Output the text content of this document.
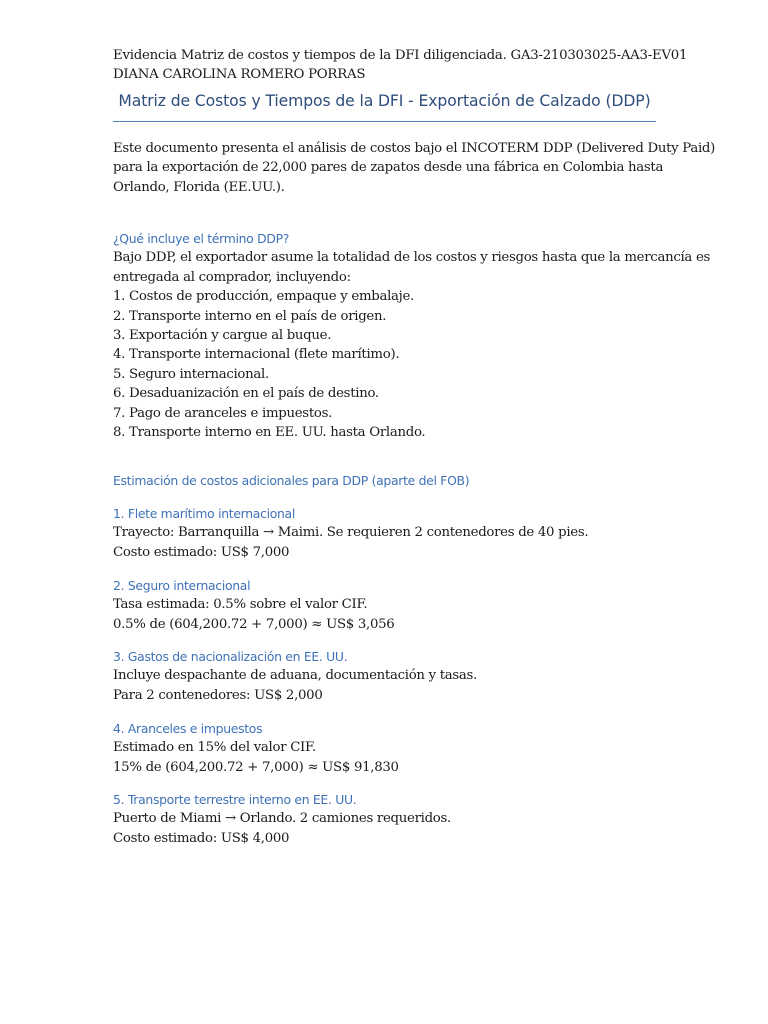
Evidencia Matriz de costos y tiempos de la DFI diligenciada. GA3-210303025-AA3-EV01
DIANA CAROLINA ROMERO PORRAS
Matriz de Costos y Tiempos de la DFI - Exportación de Calzado (DDP)
Este documento presenta el análisis de costos bajo el INCOTERM DDP (Delivered Duty Paid)
para la exportación de 22,000 pares de zapatos desde una fábrica en Colombia hasta
Orlando, Florida (EE.UU.).
¿Qué incluye el término DDP?
Bajo DDP, el exportador asume la totalidad de los costos y riesgos hasta que la mercancía es
entregada al comprador, incluyendo:
1. Costos de producción, empaque y embalaje.
2. Transporte interno en el país de origen.
3. Exportación y cargue al buque.
4. Transporte internacional (flete marítimo).
5. Seguro internacional.
6. Desaduanización en el país de destino.
7. Pago de aranceles e impuestos.
8. Transporte interno en EE. UU. hasta Orlando.
Estimación de costos adicionales para DDP (aparte del FOB)
1. Flete marítimo internacional
Trayecto: Barranquilla → Maimi. Se requieren 2 contenedores de 40 pies.
Costo estimado: US$ 7,000
2. Seguro internacional
Tasa estimada: 0.5% sobre el valor CIF.
0.5% de (604,200.72 + 7,000) ≈ US$ 3,056
3. Gastos de nacionalización en EE. UU.
Incluye despachante de aduana, documentación y tasas.
Para 2 contenedores: US$ 2,000
4. Aranceles e impuestos
Estimado en 15% del valor CIF.
15% de (604,200.72 + 7,000) ≈ US$ 91,830
5. Transporte terrestre interno en EE. UU.
Puerto de Miami → Orlando. 2 camiones requeridos.
Costo estimado: US$ 4,000
